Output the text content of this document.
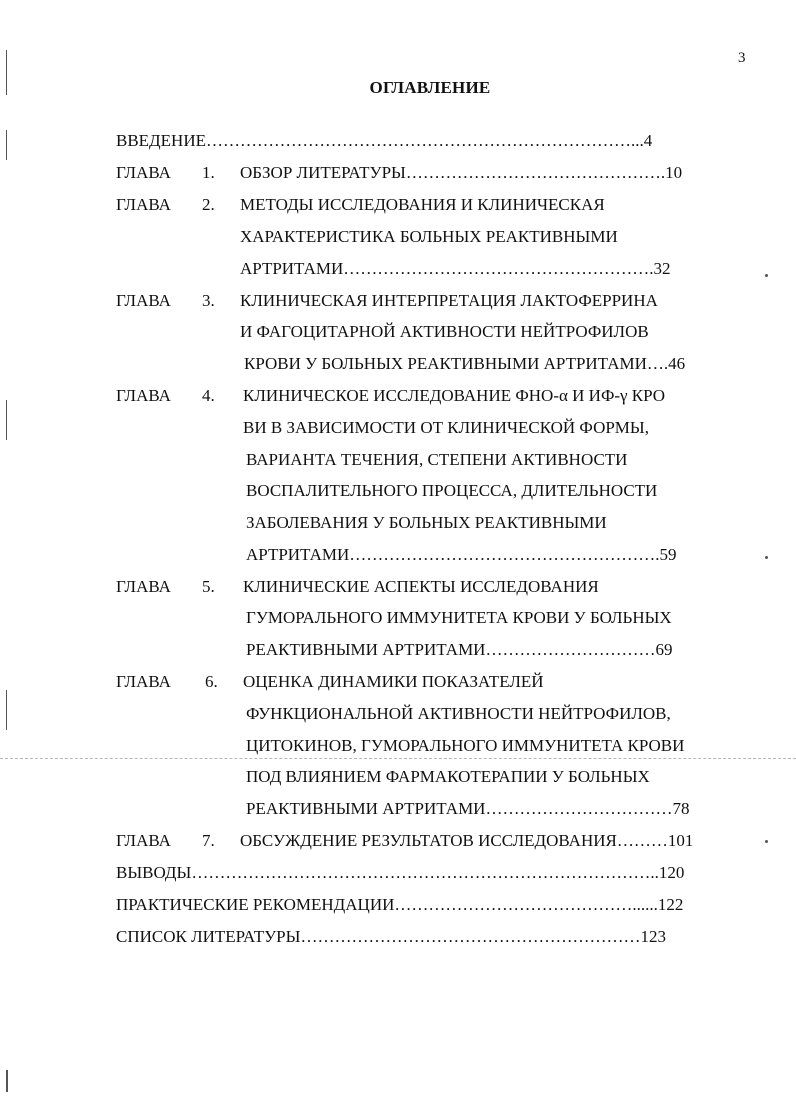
3
ОГЛАВЛЕНИЕ
ВВЕДЕНИЕ…………………………………………………………………...4
ГЛАВА 1. ОБЗОР ЛИТЕРАТУРЫ……………………………………….10
ГЛАВА 2. МЕТОДЫ ИССЛЕДОВАНИЯ И КЛИНИЧЕСКАЯ
ХАРАКТЕРИСТИКА БОЛЬНЫХ РЕАКТИВНЫМИ
АРТРИТАМИ……………………………………………….32
ГЛАВА 3. КЛИНИЧЕСКАЯ ИНТЕРПРЕТАЦИЯ ЛАКТОФЕРРИНА
И ФАГОЦИТАРНОЙ АКТИВНОСТИ НЕЙТРОФИЛОВ
КРОВИ У БОЛЬНЫХ РЕАКТИВНЫМИ АРТРИТАМИ….46
ГЛАВА 4. КЛИНИЧЕСКОЕ ИССЛЕДОВАНИЕ ФНО-α И ИФ-γ КРО
ВИ В ЗАВИСИМОСТИ ОТ КЛИНИЧЕСКОЙ ФОРМЫ,
ВАРИАНТА ТЕЧЕНИЯ, СТЕПЕНИ АКТИВНОСТИ
ВОСПАЛИТЕЛЬНОГО ПРОЦЕССА, ДЛИТЕЛЬНОСТИ
ЗАБОЛЕВАНИЯ У БОЛЬНЫХ РЕАКТИВНЫМИ
АРТРИТАМИ……………………………………………….59
ГЛАВА 5. КЛИНИЧЕСКИЕ АСПЕКТЫ ИССЛЕДОВАНИЯ
ГУМОРАЛЬНОГО ИММУНИТЕТА КРОВИ У БОЛЬНЫХ
РЕАКТИВНЫМИ АРТРИТАМИ…………………………69
ГЛАВА 6. ОЦЕНКА ДИНАМИКИ ПОКАЗАТЕЛЕЙ
ФУНКЦИОНАЛЬНОЙ АКТИВНОСТИ НЕЙТРОФИЛОВ,
ЦИТОКИНОВ, ГУМОРАЛЬНОГО ИММУНИТЕТА КРОВИ
ПОД ВЛИЯНИЕМ ФАРМАКОТЕРАПИИ У БОЛЬНЫХ
РЕАКТИВНЫМИ АРТРИТАМИ……………………………78
ГЛАВА 7. ОБСУЖДЕНИЕ РЕЗУЛЬТАТОВ ИССЛЕДОВАНИЯ………101
ВЫВОДЫ………………………………………………………………………..120
ПРАКТИЧЕСКИЕ РЕКОМЕНДАЦИИ……………………………………......122
СПИСОК ЛИТЕРАТУРЫ……………………………………………………123
